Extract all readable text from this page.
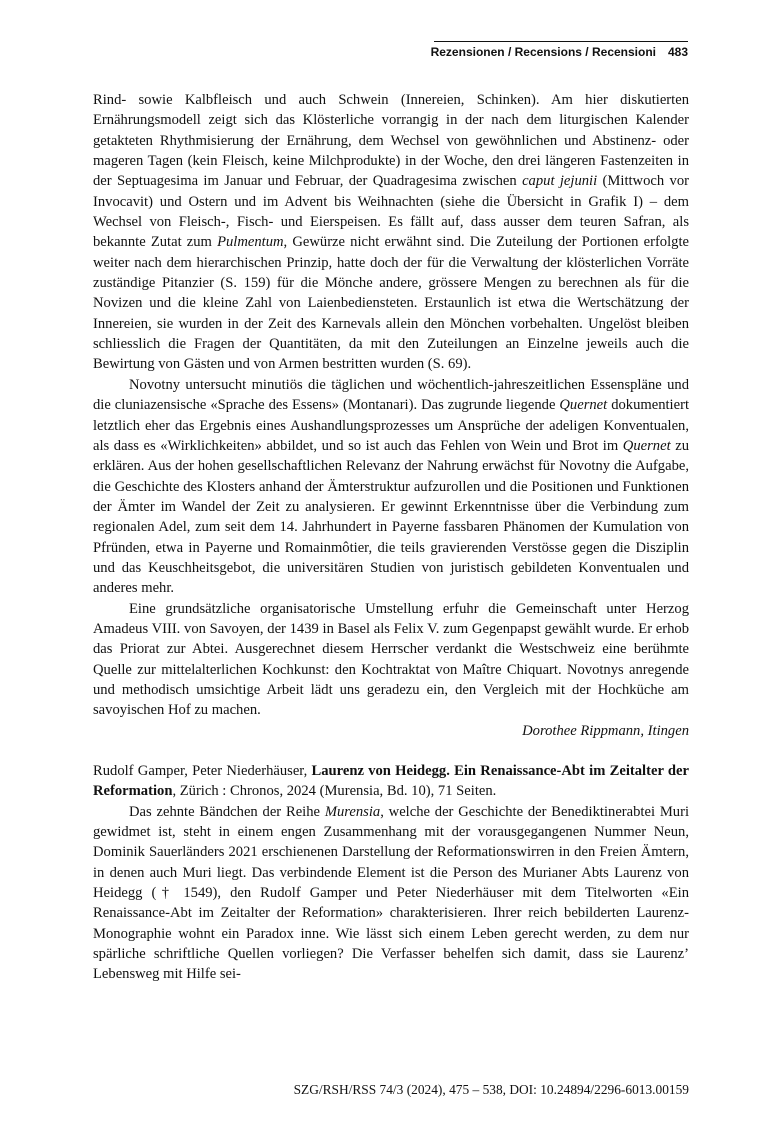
Rezensionen / Recensions / Recensioni 483

Rind- sowie Kalbfleisch und auch Schwein (Innereien, Schinken). Am hier diskutierten Ernährungsmodell zeigt sich das Klösterliche vorrangig in der nach dem liturgischen Kalender getakteten Rhythmisierung der Ernährung, dem Wechsel von gewöhnlichen und Abstinenz- oder mageren Tagen (kein Fleisch, keine Milchprodukte) in der Woche, den drei längeren Fastenzeiten in der Septuagesima im Januar und Februar, der Quadragesima zwischen caput jejunii (Mittwoch vor Invocavit) und Ostern und im Advent bis Weihnachten (siehe die Übersicht in Grafik I) – dem Wechsel von Fleisch-, Fisch- und Eierspeisen. Es fällt auf, dass ausser dem teuren Safran, als bekannte Zutat zum Pulmentum, Gewürze nicht erwähnt sind. Die Zuteilung der Portionen erfolgte weiter nach dem hierarchischen Prinzip, hatte doch der für die Verwaltung der klösterlichen Vorräte zuständige Pitanzier (S. 159) für die Mönche andere, grössere Mengen zu berechnen als für die Novizen und die kleine Zahl von Laienbediensteten. Erstaunlich ist etwa die Wertschätzung der Innereien, sie wurden in der Zeit des Karnevals allein den Mönchen vorbehalten. Ungelöst bleiben schliesslich die Fragen der Quantitäten, da mit den Zuteilungen an Einzelne jeweils auch die Bewirtung von Gästen und von Armen bestritten wurden (S. 69).

Novotny untersucht minutiös die täglichen und wöchentlich-jahreszeitlichen Essenspläne und die cluniazensische «Sprache des Essens» (Montanari). Das zugrunde liegende Quernet dokumentiert letztlich eher das Ergebnis eines Aushandlungsprozesses um Ansprüche der adeligen Konventualen, als dass es «Wirklichkeiten» abbildet, und so ist auch das Fehlen von Wein und Brot im Quernet zu erklären. Aus der hohen gesellschaftlichen Relevanz der Nahrung erwächst für Novotny die Aufgabe, die Geschichte des Klosters anhand der Ämterstruktur aufzurollen und die Positionen und Funktionen der Ämter im Wandel der Zeit zu analysieren. Er gewinnt Erkenntnisse über die Verbindung zum regionalen Adel, zum seit dem 14. Jahrhundert in Payerne fassbaren Phänomen der Kumulation von Pfründen, etwa in Payerne und Romainmôtier, die teils gravierenden Verstösse gegen die Disziplin und das Keuschheitsgebot, die universitären Studien von juristisch gebildeten Konventualen und anderes mehr.

Eine grundsätzliche organisatorische Umstellung erfuhr die Gemeinschaft unter Herzog Amadeus VIII. von Savoyen, der 1439 in Basel als Felix V. zum Gegenpapst gewählt wurde. Er erhob das Priorat zur Abtei. Ausgerechnet diesem Herrscher verdankt die Westschweiz eine berühmte Quelle zur mittelalterlichen Kochkunst: den Kochtraktat von Maître Chiquart. Novotnys anregende und methodisch umsichtige Arbeit lädt uns geradezu ein, den Vergleich mit der Hochküche am savoyischen Hof zu machen.

Dorothee Rippmann, Itingen

Rudolf Gamper, Peter Niederhäuser, Laurenz von Heidegg. Ein Renaissance-Abt im Zeitalter der Reformation, Zürich : Chronos, 2024 (Murensia, Bd. 10), 71 Seiten.

Das zehnte Bändchen der Reihe Murensia, welche der Geschichte der Benediktinerabtei Muri gewidmet ist, steht in einem engen Zusammenhang mit der vorausgegangenen Nummer Neun, Dominik Sauerländers 2021 erschienenen Darstellung der Reformationswirren in den Freien Ämtern, in denen auch Muri liegt. Das verbindende Element ist die Person des Murianer Abts Laurenz von Heidegg († 1549), den Rudolf Gamper und Peter Niederhäuser mit dem Titelworten «Ein Renaissance-Abt im Zeitalter der Reformation» charakterisieren. Ihrer reich bebilderten Laurenz-Monographie wohnt ein Paradox inne. Wie lässt sich einem Leben gerecht werden, zu dem nur spärliche schriftliche Quellen vorliegen? Die Verfasser behelfen sich damit, dass sie Laurenz’ Lebensweg mit Hilfe sei-

SZG/RSH/RSS 74/3 (2024), 475 – 538, DOI: 10.24894/2296-6013.00159
